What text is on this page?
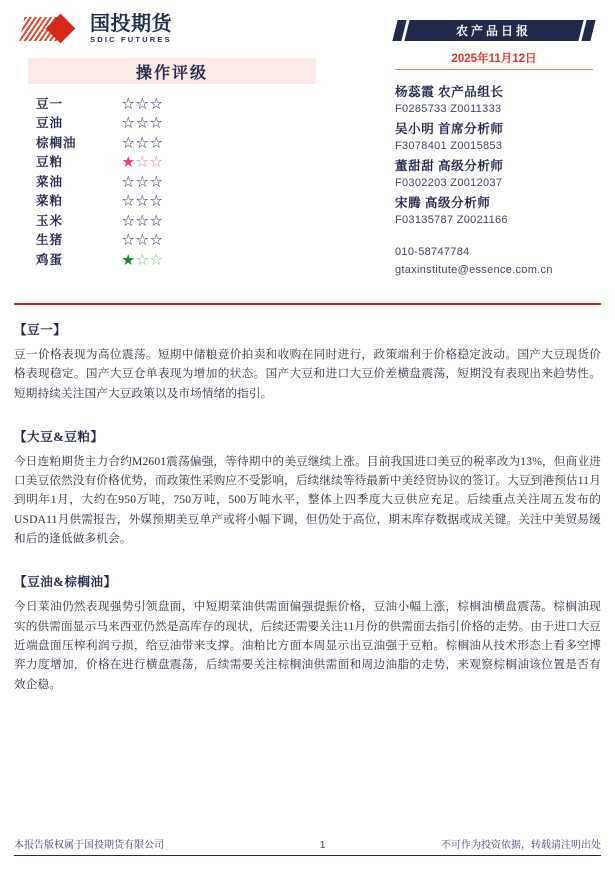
国投期货
SDIC FUTURES
操作评级
豆一	☆☆☆
豆油	☆☆☆
棕榈油	☆☆☆
豆粕	★☆☆
菜油	☆☆☆
菜粕	☆☆☆
玉米	☆☆☆
生猪	☆☆☆
鸡蛋	★☆☆
农产品日报
2025年11月12日
杨蕊霞 农产品组长
F0285733 Z0011333
吴小明 首席分析师
F3078401 Z0015853
董甜甜 高级分析师
F0302203 Z0012037
宋腾 高级分析师
F03135787 Z0021166
010-58747784
gtaxinstitute@essence.com.cn
【豆一】
豆一价格表现为高位震荡。短期中储粮竞价拍卖和收购在同时进行，政策端利于价格稳定波动。国产大豆现货价格表现稳定。国产大豆仓单表现为增加的状态。国产大豆和进口大豆价差横盘震荡，短期没有表现出来趋势性。短期持续关注国产大豆政策以及市场情绪的指引。
【大豆&豆粕】
今日连粕期货主力合约M2601震荡偏强，等待期中的美豆继续上涨。目前我国进口美豆的税率改为13%，但商业进口美豆依然没有价格优势，而政策性采购应不受影响，后续继续等待最新中美经贸协议的签订。大豆到港预估11月到明年1月，大约在950万吨，750万吨，500万吨水平，整体上四季度大豆供应充足。后续重点关注周五发布的USDA11月供需报告，外媒预期美豆单产或将小幅下调，但仍处于高位，期末库存数据或成关键。关注中美贸易缓和后的逢低做多机会。
【豆油&棕榈油】
今日菜油仍然表现强势引领盘面，中短期菜油供需面偏强提振价格，豆油小幅上涨，棕榈油横盘震荡。棕榈油现实的供需面显示马来西亚仍然是高库存的现状，后续还需要关注11月份的供需面去指引价格的走势。由于进口大豆近端盘面压榨利润亏损，给豆油带来支撑。油粕比方面本周显示出豆油强于豆粕。棕榈油从技术形态上看多空博弈力度增加，价格在进行横盘震荡，后续需要关注棕榈油供需面和周边油脂的走势，来观察棕榈油该位置是否有效企稳。
本报告版权属于国投期货有限公司	1	不可作为投资依据，转载请注明出处
